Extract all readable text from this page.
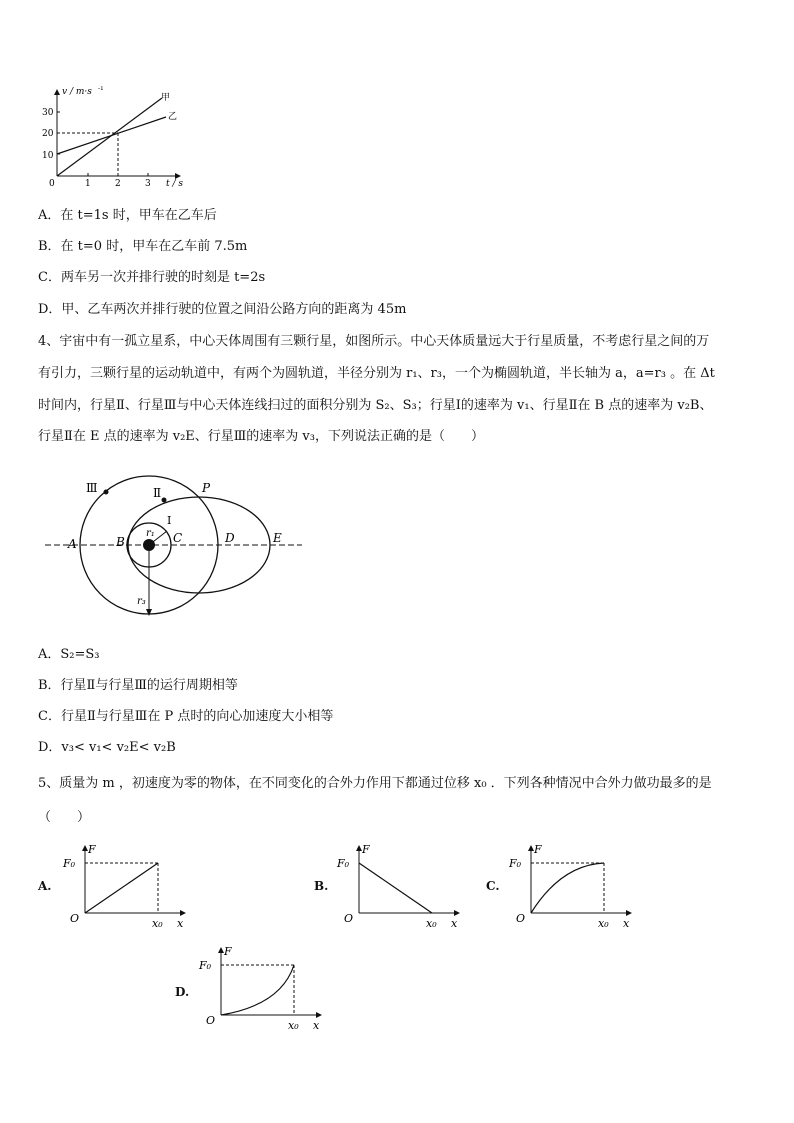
v / m·s -1
10
20
30
0	1	2	3 t / s
甲
乙
A．在 t=1s 时，甲车在乙车后
B．在 t=0 时，甲车在乙车前 7.5m
C．两车另一次并排行驶的时刻是 t=2s
D．甲、乙车两次并排行驶的位置之间沿公路方向的距离为 45m
4、宇宙中有一孤立星系，中心天体周围有三颗行星，如图所示。中心天体质量远大于行星质量，不考虑行星之间的万
有引力，三颗行星的运动轨道中，有两个为圆轨道，半径分别为 r₁、r₃，一个为椭圆轨道，半长轴为 a，a=r₃ 。在 Δt
时间内，行星Ⅱ、行星Ⅲ与中心天体连线扫过的面积分别为 S₂、S₃；行星Ⅰ的速率为 v₁、行星Ⅱ在 B 点的速率为 v₂B、
行星Ⅱ在 E 点的速率为 v₂E、行星Ⅲ的速率为 v₃，下列说法正确的是（　　）
Ⅲ	Ⅱ
I
P
A	B	C	D	E
r₁
r₃
A．S₂=S₃
B．行星Ⅱ与行星Ⅲ的运行周期相等
C．行星Ⅱ与行星Ⅲ在 P 点时的向心加速度大小相等
D．v₃< v₁< v₂E< v₂B
5、质量为 m ，初速度为零的物体，在不同变化的合外力作用下都通过位移 x₀ ．下列各种情况中合外力做功最多的是
（　　）
A.
F₀
F
O	x₀ x
B.
F₀
F
O	x₀ x
C.
F₀
F
O	x₀ x
D.
F₀
F
O	x₀ x
